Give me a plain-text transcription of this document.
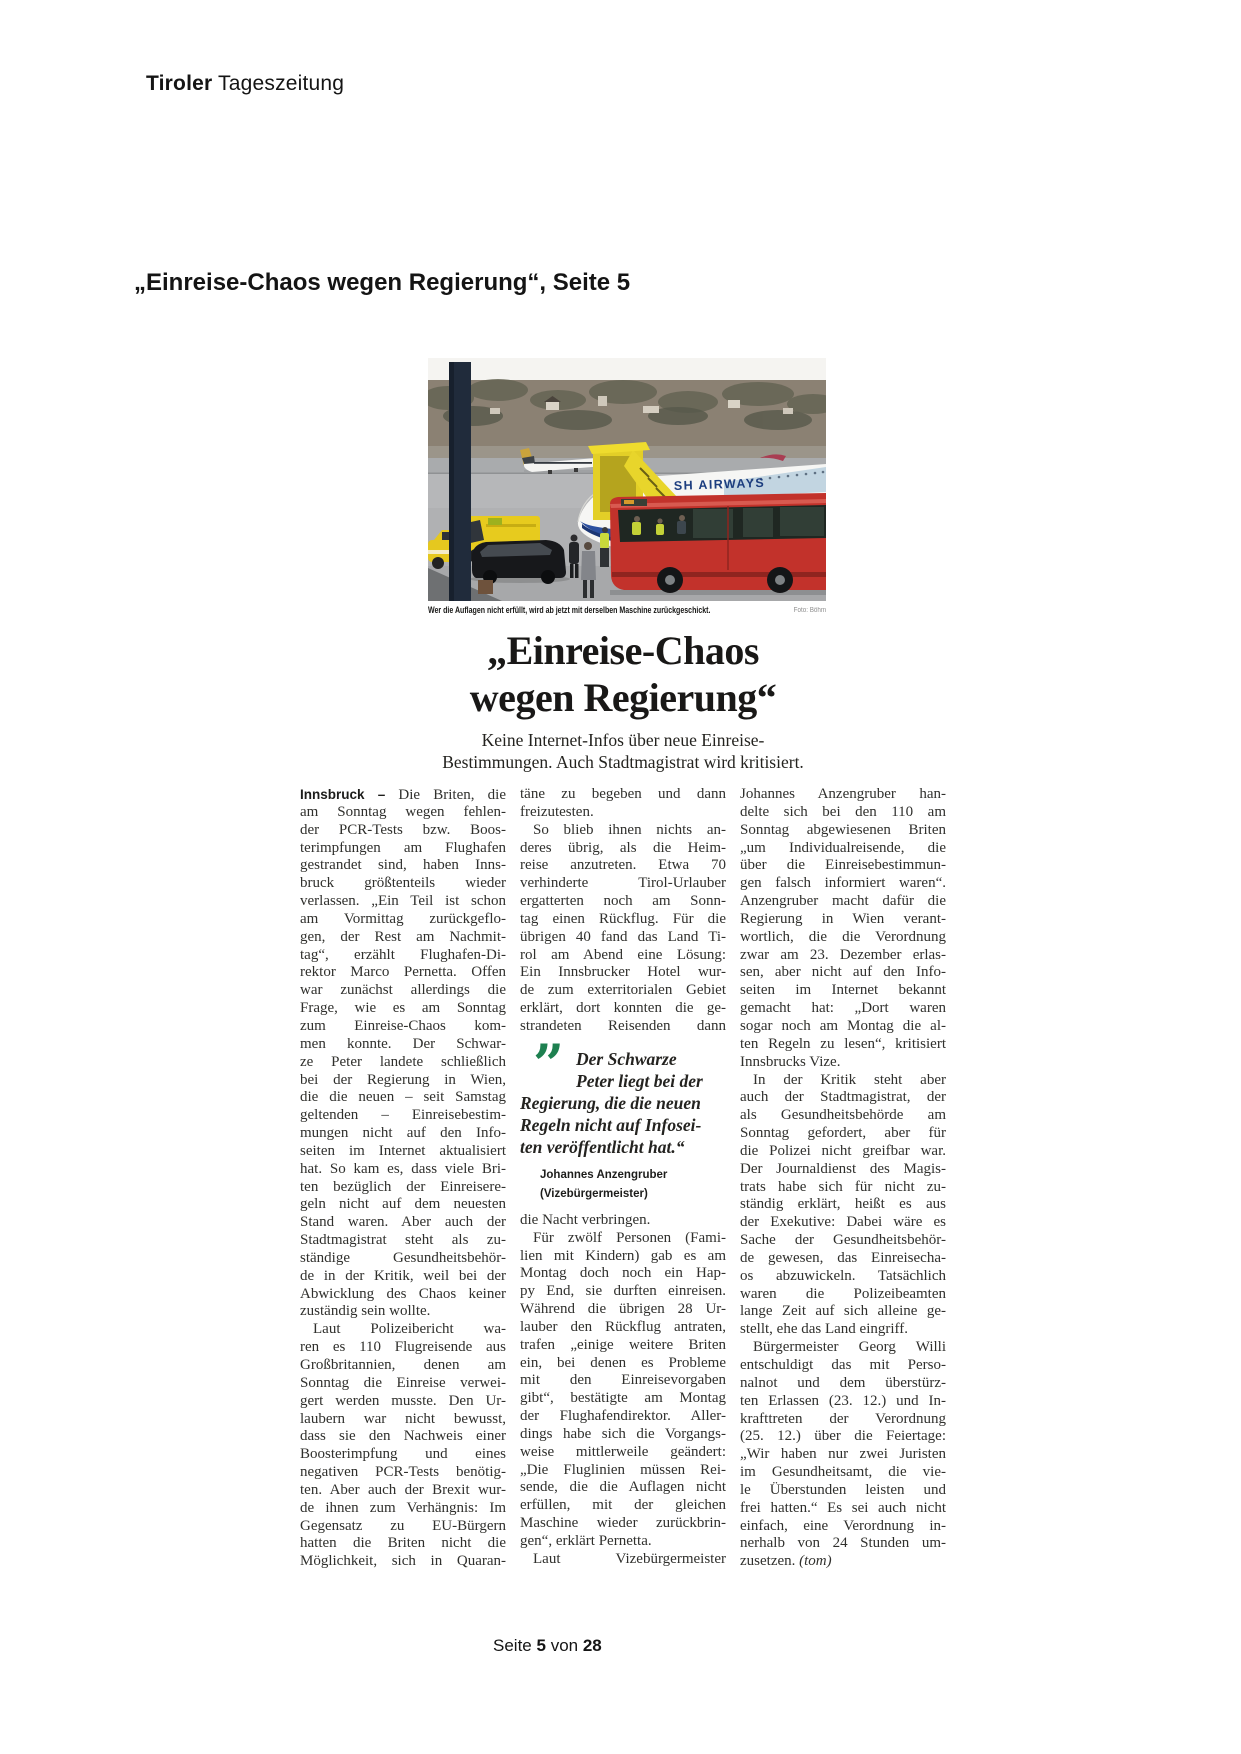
Tiroler Tageszeitung
„Einreise-Chaos wegen Regierung“, Seite 5
SH AIRWAYS
Wer die Auflagen nicht erfüllt, wird ab jetzt mit derselben Maschine zurückgeschickt.	Foto: Böhm
„Einreise-Chaos
wegen Regierung“
Keine Internet-Infos über neue Einreise-
Bestimmungen. Auch Stadtmagistrat wird kritisiert.
Innsbruck – Die Briten, die
am Sonntag wegen fehlen-
der PCR-Tests bzw. Boos-
terimpfungen am Flughafen
gestrandet sind, haben Inns-
bruck größtenteils wieder
verlassen. „Ein Teil ist schon
am Vormittag zurückgeflo-
gen, der Rest am Nachmit-
tag“, erzählt Flughafen-Di-
rektor Marco Pernetta. Offen
war zunächst allerdings die
Frage, wie es am Sonntag
zum Einreise-Chaos kom-
men konnte. Der Schwar-
ze Peter landete schließlich
bei der Regierung in Wien,
die die neuen – seit Samstag
geltenden – Einreisebestim-
mungen nicht auf den Info-
seiten im Internet aktualisiert
hat. So kam es, dass viele Bri-
ten bezüglich der Einreisere-
geln nicht auf dem neuesten
Stand waren. Aber auch der
Stadtmagistrat steht als zu-
ständige Gesundheitsbehör-
de in der Kritik, weil bei der
Abwicklung des Chaos keiner
zuständig sein wollte.
Laut Polizeibericht wa-
ren es 110 Flugreisende aus
Großbritannien, denen am
Sonntag die Einreise verwei-
gert werden musste. Den Ur-
laubern war nicht bewusst,
dass sie den Nachweis einer
Boosterimpfung und eines
negativen PCR-Tests benötig-
ten. Aber auch der Brexit wur-
de ihnen zum Verhängnis: Im
Gegensatz zu EU-Bürgern
hatten die Briten nicht die
Möglichkeit, sich in Quaran-
täne zu begeben und dann
freizutesten.
So blieb ihnen nichts an-
deres übrig, als die Heim-
reise anzutreten. Etwa 70
verhinderte Tirol-Urlauber
ergatterten noch am Sonn-
tag einen Rückflug. Für die
übrigen 40 fand das Land Ti-
rol am Abend eine Lösung:
Ein Innsbrucker Hotel wur-
de zum exterritorialen Gebiet
erklärt, dort konnten die ge-
strandeten Reisenden dann
” Der Schwarze
Peter liegt bei der
Regierung, die die neuen
Regeln nicht auf Infosei-
ten veröffentlicht hat.“
Johannes Anzengruber
(Vizebürgermeister)
die Nacht verbringen.
Für zwölf Personen (Fami-
lien mit Kindern) gab es am
Montag doch noch ein Hap-
py End, sie durften einreisen.
Während die übrigen 28 Ur-
lauber den Rückflug antraten,
trafen „einige weitere Briten
ein, bei denen es Probleme
mit den Einreisevorgaben
gibt“, bestätigte am Montag
der Flughafendirektor. Aller-
dings habe sich die Vorgangs-
weise mittlerweile geändert:
„Die Fluglinien müssen Rei-
sende, die die Auflagen nicht
erfüllen, mit der gleichen
Maschine wieder zurückbrin-
gen“, erklärt Pernetta.
Laut Vizebürgermeister
Johannes Anzengruber han-
delte sich bei den 110 am
Sonntag abgewiesenen Briten
„um Individualreisende, die
über die Einreisebestimmun-
gen falsch informiert waren“.
Anzengruber macht dafür die
Regierung in Wien verant-
wortlich, die die Verordnung
zwar am 23. Dezember erlas-
sen, aber nicht auf den Info-
seiten im Internet bekannt
gemacht hat: „Dort waren
sogar noch am Montag die al-
ten Regeln zu lesen“, kritisiert
Innsbrucks Vize.
In der Kritik steht aber
auch der Stadtmagistrat, der
als Gesundheitsbehörde am
Sonntag gefordert, aber für
die Polizei nicht greifbar war.
Der Journaldienst des Magis-
trats habe sich für nicht zu-
ständig erklärt, heißt es aus
der Exekutive: Dabei wäre es
Sache der Gesundheitsbehör-
de gewesen, das Einreisecha-
os abzuwickeln. Tatsächlich
waren die Polizeibeamten
lange Zeit auf sich alleine ge-
stellt, ehe das Land eingriff.
Bürgermeister Georg Willi
entschuldigt das mit Perso-
nalnot und dem überstürz-
ten Erlassen (23. 12.) und In-
krafttreten der Verordnung
(25. 12.) über die Feiertage:
„Wir haben nur zwei Juristen
im Gesundheitsamt, die vie-
le Überstunden leisten und
frei hatten.“ Es sei auch nicht
einfach, eine Verordnung in-
nerhalb von 24 Stunden um-
zusetzen. (tom)
Seite 5 von 28
